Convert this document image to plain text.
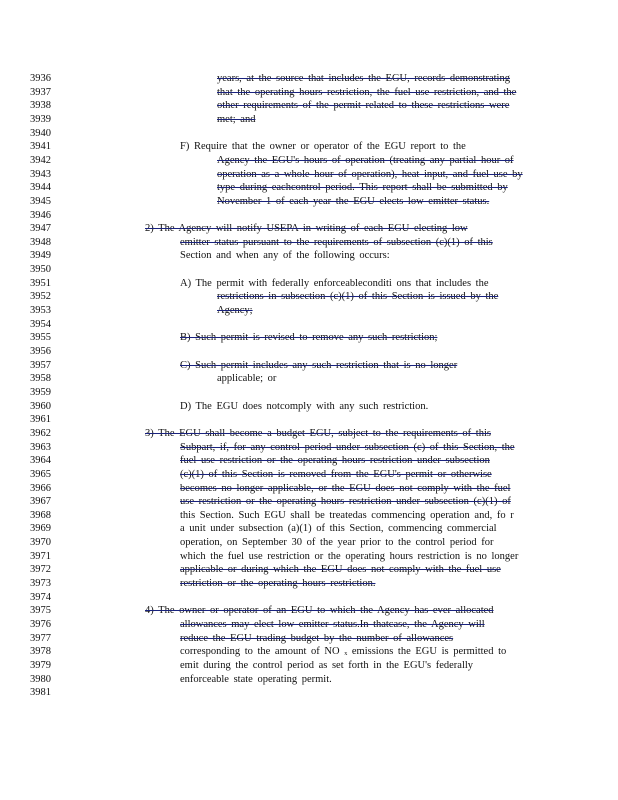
3936
3937
3938
3939
3940
3941
3942
3943
3944
3945
3946
3947
3948
3949
3950
3951
3952
3953
3954
3955
3956
3957
3958
3959
3960
3961
3962
3963
3964
3965
3966
3967
3968
3969
3970
3971
3972
3973
3974
3975
3976
3977
3978
3979
3980
3981
years, at the source that includes the EGU, records demonstrating
that the operating hours restriction, the fuel use restriction, and the
other requirements of the permit related to these restrictions were
met; and
F) Require that the owner or operator of the EGU report to the
Agency the EGU's hours of operation (treating any partial hour of
operation as a whole hour of operation), heat input, and fuel use by
type during eachcontrol period. This report shall be submitted by
November 1 of each year the EGU elects low emitter status.
2) The Agency will notify USEPA in writing of each EGU electing low
emitter status pursuant to the requirements of subsection (c)(1) of this
Section and when any of the following occurs:
A) The permit with federally enforceableconditi ons that includes the
restrictions in subsection (c)(1) of this Section is issued by the
Agency;
B) Such permit is revised to remove any such restriction;
C) Such permit includes any such restriction that is no longer
applicable; or
D) The EGU does notcomply with any such restriction.
3) The EGU shall become a budget EGU, subject to the requirements of this
Subpart, if, for any control period under subsection (c) of this Section, the
fuel use restriction or the operating hours restriction under subsection
(c)(1) of this Section is removed from the EGU's permit or otherwise
becomes no longer applicable, or the EGU does not comply with the fuel
use restriction or the operating hours restriction under subsection (c)(1) of
this Section. Such EGU shall be treatedas commencing operation and, fo r
a unit under subsection (a)(1) of this Section, commencing commercial
operation, on September 30 of the year prior to the control period for
which the fuel use restriction or the operating hours restriction is no longer
applicable or during which the EGU does not comply with the fuel use
restriction or the operating hours restriction.
4) The owner or operator of an EGU to which the Agency has ever allocated
allowances may elect low emitter status.In thatcase, the Agency will
reduce the EGU trading budget by the number of allowances
corresponding to the amount of NO ₓ emissions the EGU is permitted to
emit during the control period as set forth in the EGU's federally
enforceable state operating permit.
